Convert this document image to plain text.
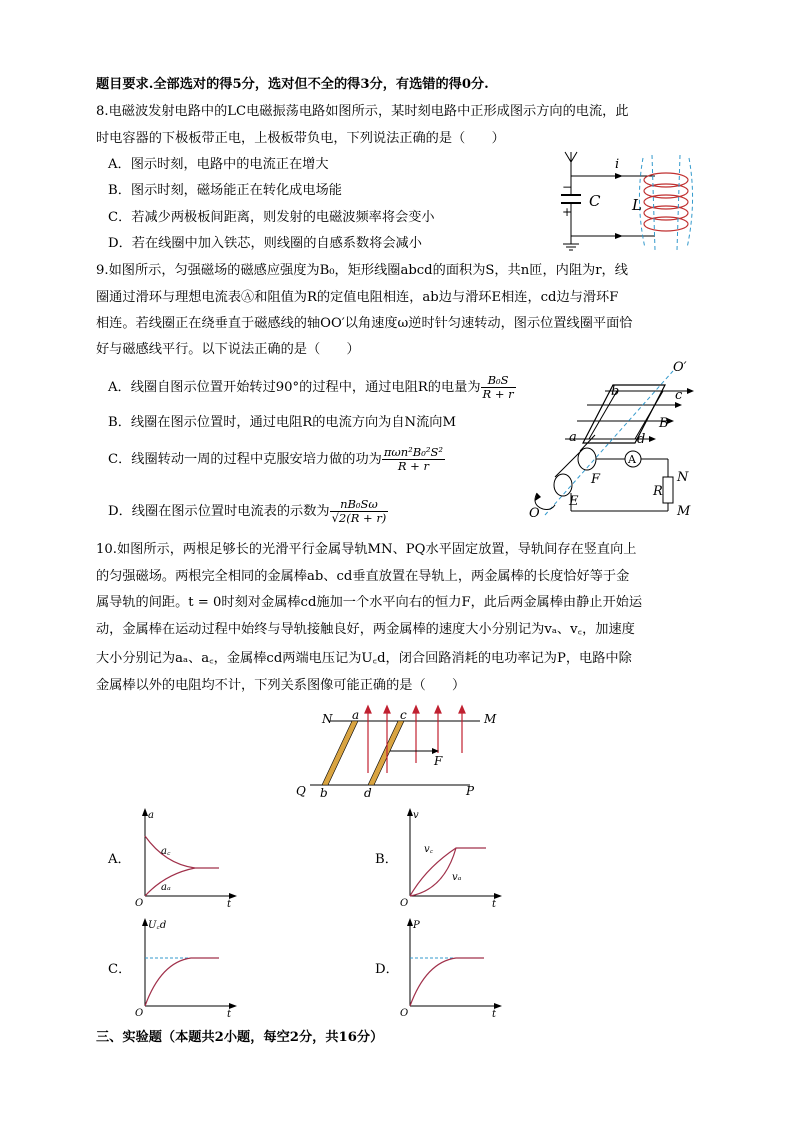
题目要求.全部选对的得5分，选对但不全的得3分，有选错的得0分.
8.电磁波发射电路中的LC电磁振荡电路如图所示，某时刻电路中正形成图示方向的电流，此
时电容器的下极板带正电，上极板带负电，下列说法正确的是（　　）
A．图示时刻，电路中的电流正在增大
B．图示时刻，磁场能正在转化成电场能
C．若减少两极板间距离，则发射的电磁波频率将会变小
D．若在线圈中加入铁芯，则线圈的自感系数将会减小
C L
i
−
+
9.如图所示，匀强磁场的磁感应强度为B₀，矩形线圈abcd的面积为S，共n匝，内阻为r，线
圈通过滑环与理想电流表Ⓐ和阻值为R的定值电阻相连，ab边与滑环E相连，cd边与滑环F
相连。若线圈正在绕垂直于磁感线的轴OO′以角速度ω逆时针匀速转动，图示位置线圈平面恰
好与磁感线平行。以下说法正确的是（　　）
A．线圈自图示位置开始转过90°的过程中，通过电阻R的电量为 $\frac{\text{B₀S}}{R + r}$
B．线圈在图示位置时，通过电阻R的电流方向为自N流向M
C．线圈转动一周的过程中克服安培力做的功为 $\frac{\text{πωn²B₀²S²}}{R + r}$
D．线圈在图示位置时电流表的示数为 $\frac{\text{nB₀Sω}}{√2(R + r)}$
O′
O
a
b	c
d
B
E
F
R
N
M
A
10.如图所示，两根足够长的光滑平行金属导轨MN、PQ水平固定放置，导轨间存在竖直向上
的匀强磁场。两根完全相同的金属棒ab、cd垂直放置在导轨上，两金属棒的长度恰好等于金
属导轨的间距。t = 0时刻对金属棒cd施加一个水平向右的恒力F，此后两金属棒由静止开始运
动，金属棒在运动过程中始终与导轨接触良好，两金属棒的速度大小分别记为vₐ、v꜀，加速度
大小分别记为aₐ、a꜀，金属棒cd两端电压记为U꜀d，闭合回路消耗的电功率记为P，电路中除
金属棒以外的电阻均不计，下列关系图像可能正确的是（　　）
N	M
Q	P
a
b
c
d
F
A．
a
t
O
a꜀
aₐ
B．
v
t
O
v꜀
vₐ
C．
U꜀d
t
O
D．
P
t
O
三、实验题（本题共2小题，每空2分，共16分）
